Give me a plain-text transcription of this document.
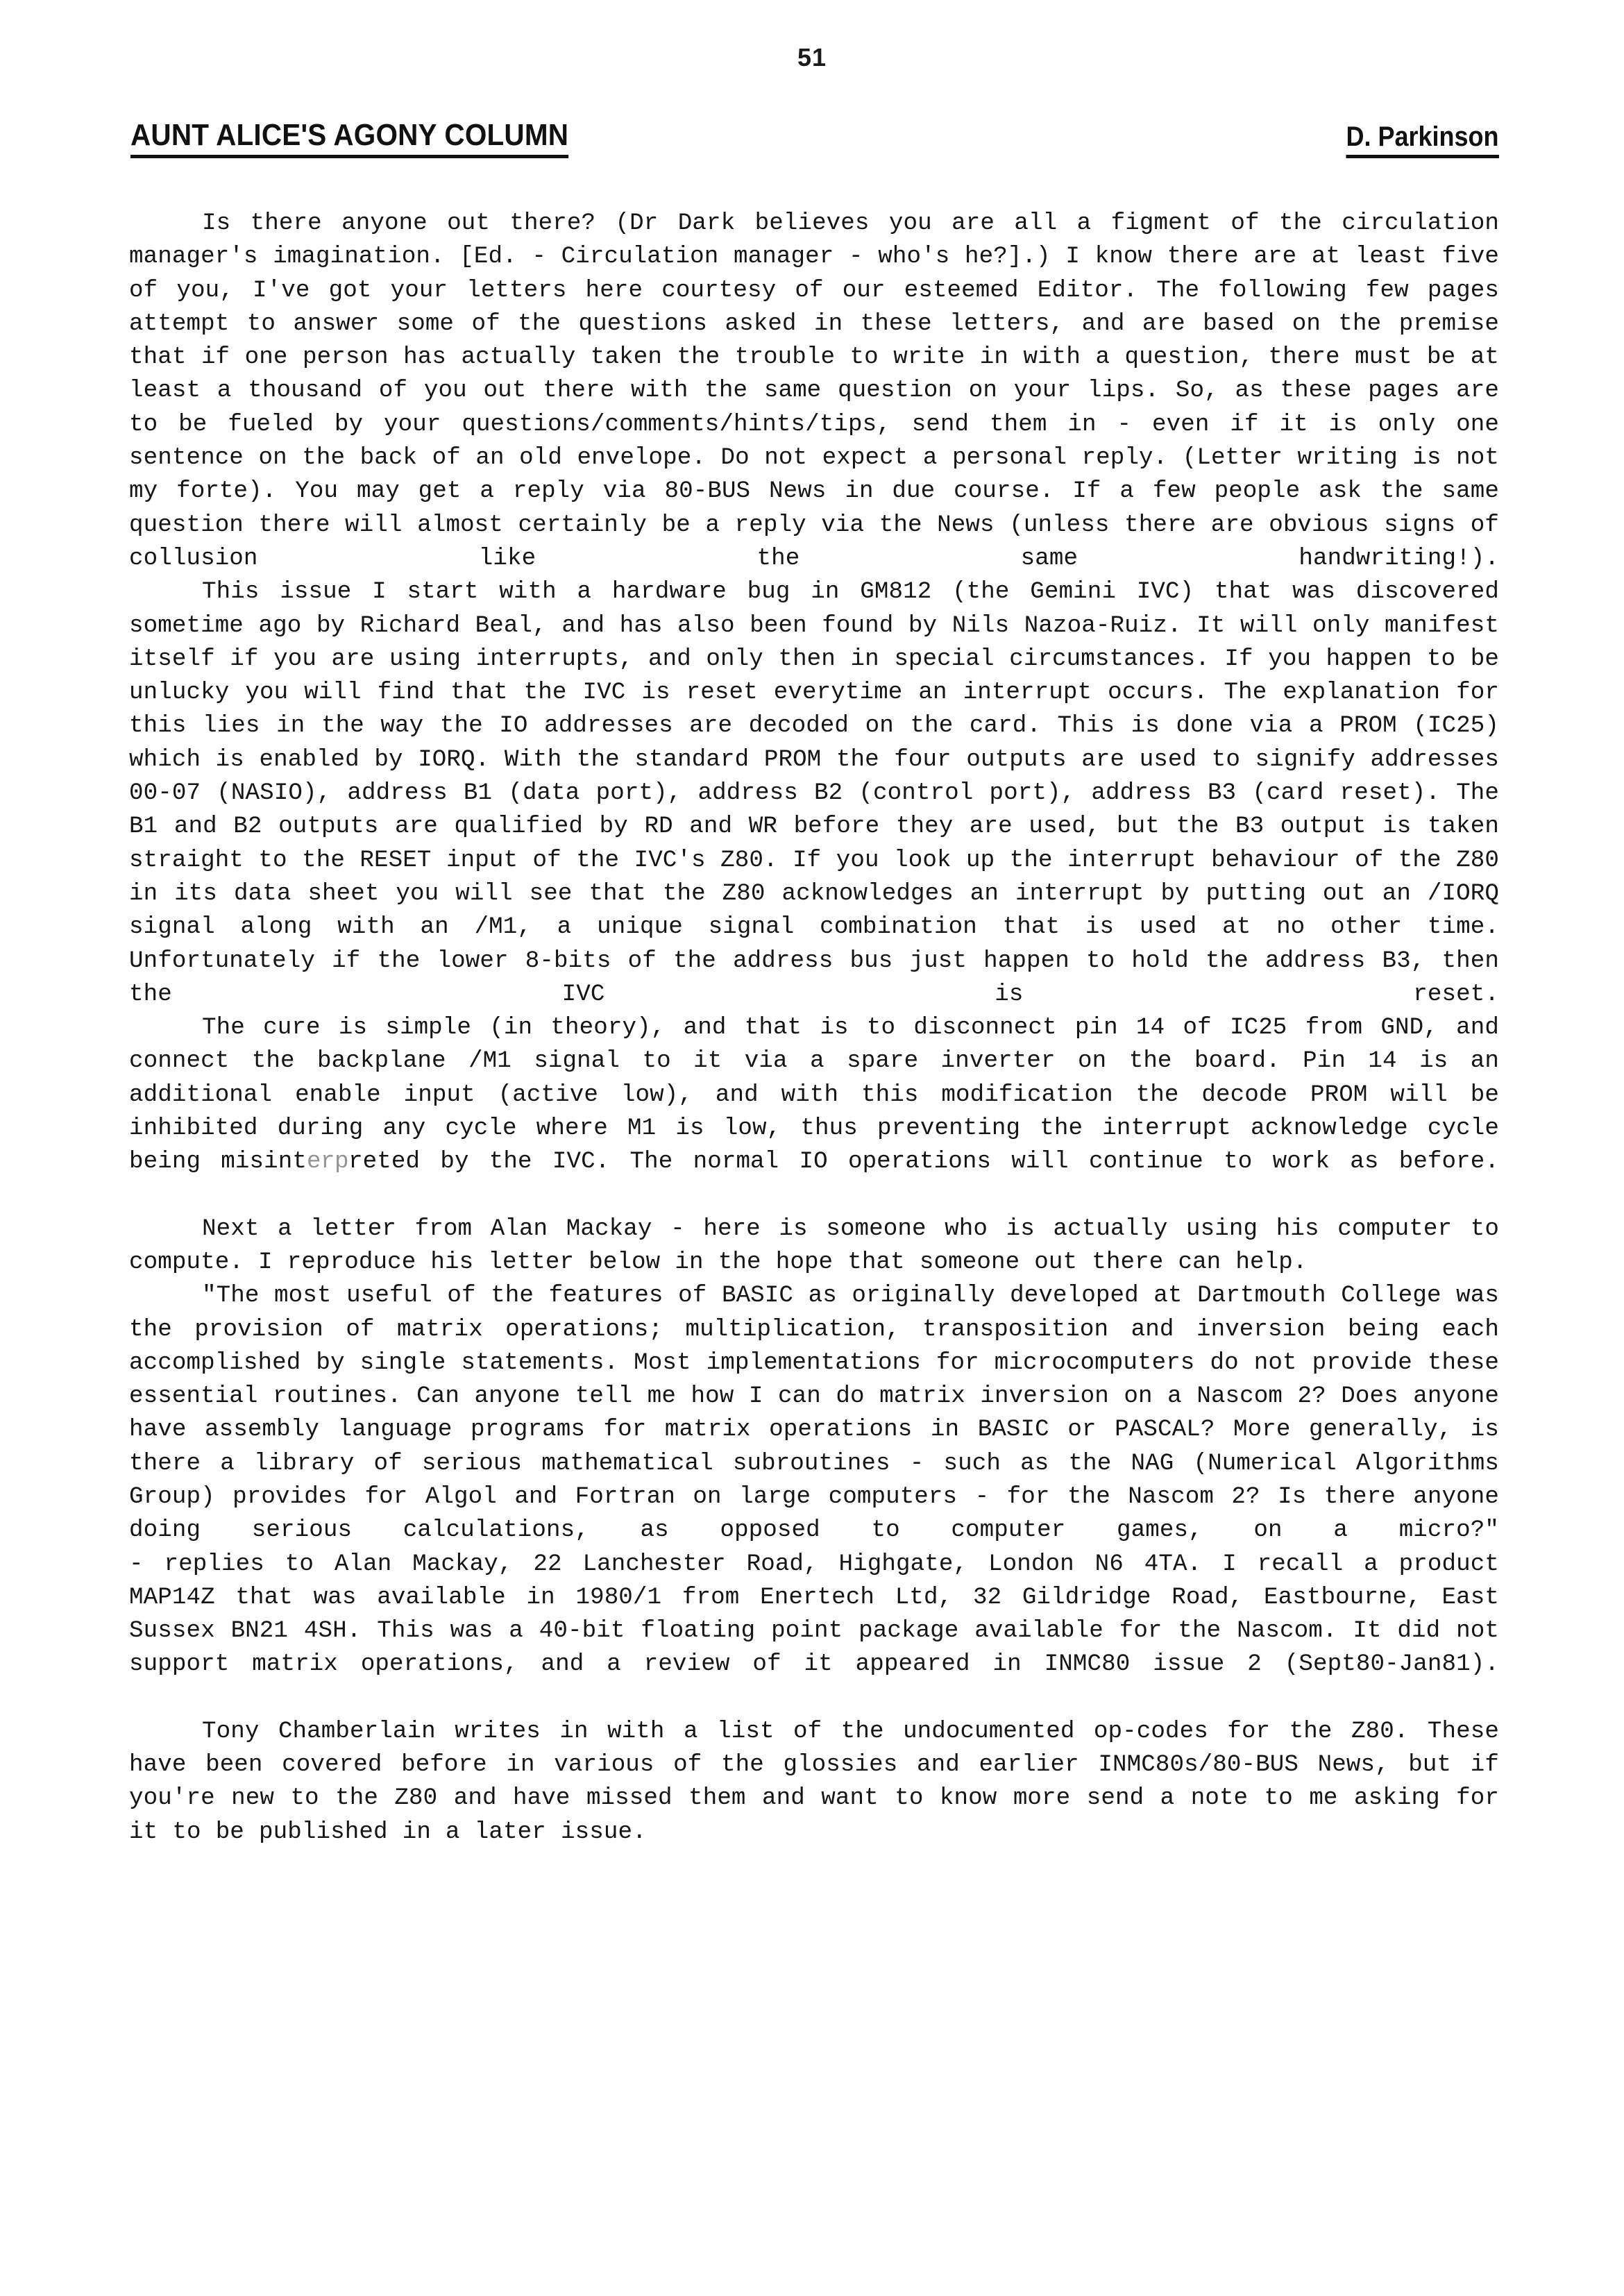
51
AUNT ALICE'S AGONY COLUMN	D. Parkinson

Is there anyone out there? (Dr Dark believes you are all a figment of the circulation manager's imagination. [Ed. - Circulation manager - who's he?].) I know there are at least five of you, I've got your letters here courtesy of our esteemed Editor. The following few pages attempt to answer some of the questions asked in these letters, and are based on the premise that if one person has actually taken the trouble to write in with a question, there must be at least a thousand of you out there with the same question on your lips. So, as these pages are to be fueled by your questions/comments/hints/tips, send them in - even if it is only one sentence on the back of an old envelope. Do not expect a personal reply. (Letter writing is not my forte). You may get a reply via 80-BUS News in due course. If a few people ask the same question there will almost certainly be a reply via the News (unless there are obvious signs of collusion like the same handwriting!).

This issue I start with a hardware bug in GM812 (the Gemini IVC) that was discovered sometime ago by Richard Beal, and has also been found by Nils Nazoa-Ruiz. It will only manifest itself if you are using interrupts, and only then in special circumstances. If you happen to be unlucky you will find that the IVC is reset everytime an interrupt occurs. The explanation for this lies in the way the IO addresses are decoded on the card. This is done via a PROM (IC25) which is enabled by IORQ. With the standard PROM the four outputs are used to signify addresses 00-07 (NASIO), address B1 (data port), address B2 (control port), address B3 (card reset). The B1 and B2 outputs are qualified by RD and WR before they are used, but the B3 output is taken straight to the RESET input of the IVC's Z80. If you look up the interrupt behaviour of the Z80 in its data sheet you will see that the Z80 acknowledges an interrupt by putting out an /IORQ signal along with an /M1, a unique signal combination that is used at no other time. Unfortunately if the lower 8-bits of the address bus just happen to hold the address B3, then the IVC is reset.

The cure is simple (in theory), and that is to disconnect pin 14 of IC25 from GND, and connect the backplane /M1 signal to it via a spare inverter on the board. Pin 14 is an additional enable input (active low), and with this modification the decode PROM will be inhibited during any cycle where M1 is low, thus preventing the interrupt acknowledge cycle being misinterpreted by the IVC. The normal IO operations will continue to work as before.

Next a letter from Alan Mackay - here is someone who is actually using his computer to compute. I reproduce his letter below in the hope that someone out there can help.

"The most useful of the features of BASIC as originally developed at Dartmouth College was the provision of matrix operations; multiplication, transposition and inversion being each accomplished by single statements. Most implementations for microcomputers do not provide these essential routines. Can anyone tell me how I can do matrix inversion on a Nascom 2? Does anyone have assembly language programs for matrix operations in BASIC or PASCAL? More generally, is there a library of serious mathematical subroutines - such as the NAG (Numerical Algorithms Group) provides for Algol and Fortran on large computers - for the Nascom 2? Is there anyone doing serious calculations, as opposed to computer games, on a micro?"

- replies to Alan Mackay, 22 Lanchester Road, Highgate, London N6 4TA. I recall a product MAP14Z that was available in 1980/1 from Enertech Ltd, 32 Gildridge Road, Eastbourne, East Sussex BN21 4SH. This was a 40-bit floating point package available for the Nascom. It did not support matrix operations, and a review of it appeared in INMC80 issue 2 (Sept80-Jan81).

Tony Chamberlain writes in with a list of the undocumented op-codes for the Z80. These have been covered before in various of the glossies and earlier INMC80s/80-BUS News, but if you're new to the Z80 and have missed them and want to know more send a note to me asking for it to be published in a later issue.
